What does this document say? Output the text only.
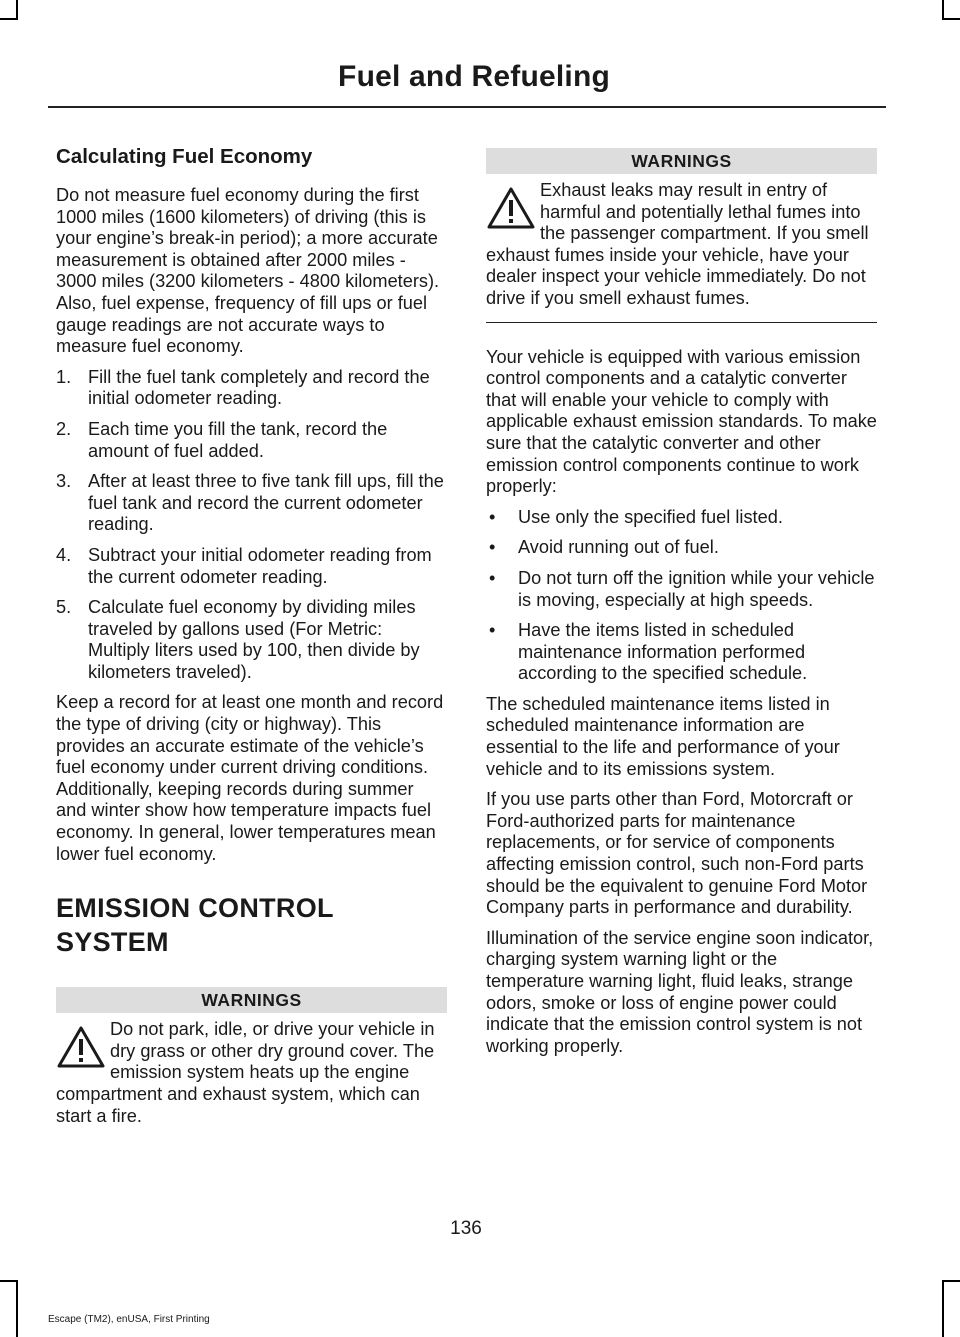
Fuel and Refueling
Calculating Fuel Economy

Do not measure fuel economy during the first 1000 miles (1600 kilometers) of driving (this is your engine’s break-in period); a more accurate measurement is obtained after 2000 miles - 3000 miles (3200 kilometers - 4800 kilometers). Also, fuel expense, frequency of fill ups or fuel gauge readings are not accurate ways to measure fuel economy.

1. Fill the fuel tank completely and record the initial odometer reading.
2. Each time you fill the tank, record the amount of fuel added.
3. After at least three to five tank fill ups, fill the fuel tank and record the current odometer reading.
4. Subtract your initial odometer reading from the current odometer reading.
5. Calculate fuel economy by dividing miles traveled by gallons used (For Metric: Multiply liters used by 100, then divide by kilometers traveled).

Keep a record for at least one month and record the type of driving (city or highway). This provides an accurate estimate of the vehicle’s fuel economy under current driving conditions. Additionally, keeping records during summer and winter show how temperature impacts fuel economy. In general, lower temperatures mean lower fuel economy.

EMISSION CONTROL SYSTEM
WARNINGS

Do not park, idle, or drive your vehicle in dry grass or other dry ground cover. The emission system heats up the engine compartment and exhaust system, which can start a fire.

WARNINGS

Exhaust leaks may result in entry of harmful and potentially lethal fumes into the passenger compartment. If you smell exhaust fumes inside your vehicle, have your dealer inspect your vehicle immediately. Do not drive if you smell exhaust fumes.

Your vehicle is equipped with various emission control components and a catalytic converter that will enable your vehicle to comply with applicable exhaust emission standards. To make sure that the catalytic converter and other emission control components continue to work properly:

• Use only the specified fuel listed.
• Avoid running out of fuel.
• Do not turn off the ignition while your vehicle is moving, especially at high speeds.
• Have the items listed in scheduled maintenance information performed according to the specified schedule.

The scheduled maintenance items listed in scheduled maintenance information are essential to the life and performance of your vehicle and to its emissions system.

If you use parts other than Ford, Motorcraft or Ford-authorized parts for maintenance replacements, or for service of components affecting emission control, such non-Ford parts should be the equivalent to genuine Ford Motor Company parts in performance and durability.

Illumination of the service engine soon indicator, charging system warning light or the temperature warning light, fluid leaks, strange odors, smoke or loss of engine power could indicate that the emission control system is not working properly.

136
Escape (TM2), enUSA, First Printing
